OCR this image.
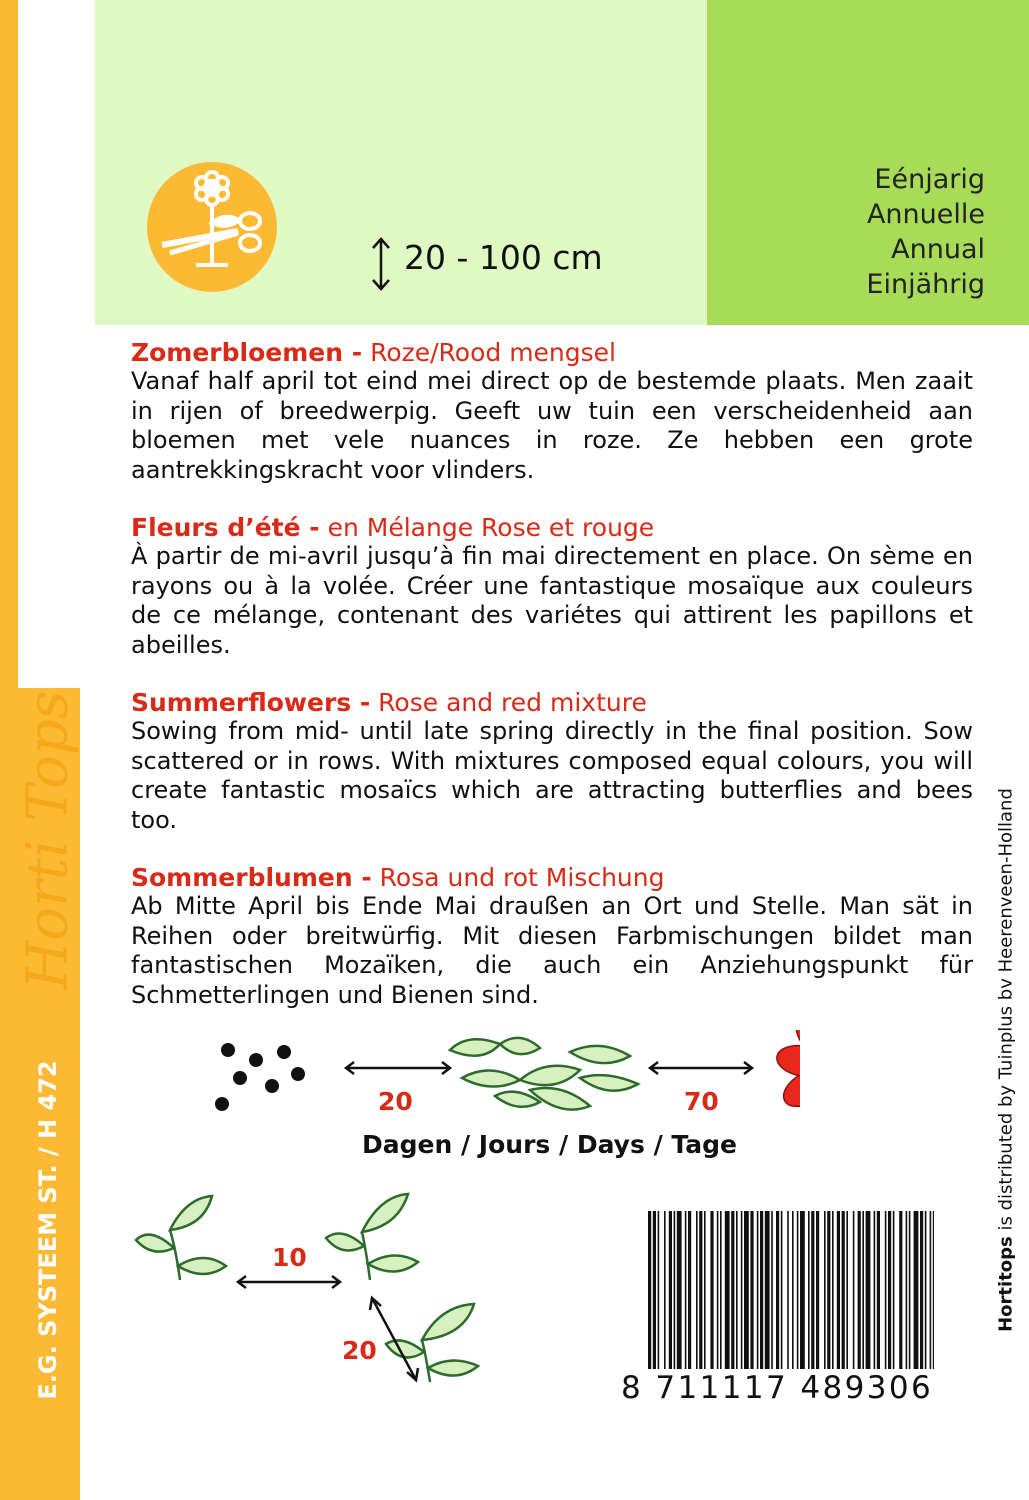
Horti Tops
E.G. SYSTEEM ST. / H 472
20 - 100 cm
Eénjarig
Annuelle
Annual
Einjährig
Zomerbloemen - Roze/Rood mengsel
Vanaf half april tot eind mei direct op de bestemde plaats. Men zaait in rijen of breedwerpig. Geeft uw tuin een verscheidenheid aan bloemen met vele nuances in roze. Ze hebben een grote aantrekkingskracht voor vlinders.
Fleurs d’été - en Mélange Rose et rouge
À partir de mi-avril jusqu’à fin mai directement en place. On sème en rayons ou à la volée. Créer une fantastique mosaïque aux couleurs de ce mélange, contenant des variétes qui attirent les papillons et abeilles.
Summerflowers - Rose and red mixture
Sowing from mid- until late spring directly in the final position. Sow scattered or in rows. With mixtures composed equal colours, you will create fantastic mosaïcs which are attracting butterflies and bees too.
Sommerblumen - Rosa und rot Mischung
Ab Mitte April bis Ende Mai draußen an Ort und Stelle. Man sät in Reihen oder breitwürfig. Mit diesen Farbmischungen bildet man fantastischen Mozaïken, die auch ein Anziehungspunkt für Schmetterlingen und Bienen sind.
20	70
Dagen / Jours / Days / Tage
10
20
8 711117 489306
Hortitops is distributed by Tuinplus bv Heerenveen-Holland
